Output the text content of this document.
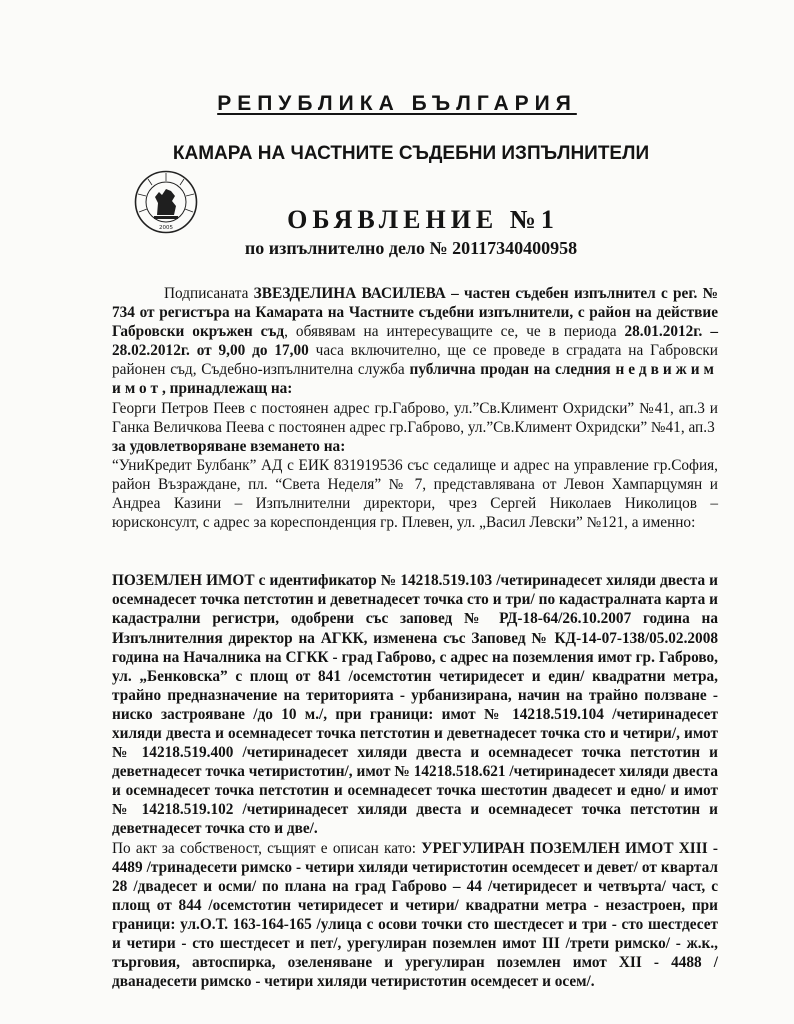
РЕПУБЛИКА БЪЛГАРИЯ
2005
КАМАРА НА ЧАСТНИТЕ СЪДЕБНИ ИЗПЪЛНИТЕЛИ
ОБЯВЛЕНИЕ №1
по изпълнително дело № 20117340400958

Подписаната ЗВЕЗДЕЛИНА ВАСИЛЕВА – частен съдебен изпълнител с рег. № 734 от регистъра на Камарата на Частните съдебни изпълнители, с район на действие Габровски окръжен съд, обявявам на интересуващите се, че в периода 28.01.2012г. – 28.02.2012г. от 9,00 до 17,00 часа включително, ще се проведе в сградата на Габровски районен съд, Съдебно-изпълнителна служба публична продан на следния недвижим имот, принадлежащ на:

Георги Петров Пеев с постоянен адрес гр.Габрово, ул.”Св.Климент Охридски” №41, ап.3 и Ганка Величкова Пеева с постоянен адрес гр.Габрово, ул.”Св.Климент Охридски” №41, ап.3

за удовлетворяване вземането на:

“УниКредит Булбанк” АД с ЕИК 831919536 със седалище и адрес на управление гр.София, район Възраждане, пл. “Света Неделя” № 7, представлявана от Левон Хампарцумян и Андреа Казини – Изпълнителни директори, чрез Сергей Николаев Николицов – юрисконсулт, с адрес за кореспонденция гр. Плевен, ул. „Васил Левски” №121, а именно:

ПОЗЕМЛЕН ИМОТ с идентификатор № 14218.519.103 /четиринадесет хиляди двеста и осемнадесет точка петстотин и деветнадесет точка сто и три/ по кадастралната карта и кадастрални регистри, одобрени със заповед № РД-18-64/26.10.2007 година на Изпълнителния директор на АГКК, изменена със Заповед № КД-14-07-138/05.02.2008 година на Началника на СГКК - град Габрово, с адрес на поземления имот гр. Габрово, ул. „Бенковска” с площ от 841 /осемстотин четиридесет и един/ квадратни метра, трайно предназначение на територията - урбанизирана, начин на трайно ползване - ниско застрояване /до 10 м./, при граници: имот № 14218.519.104 /четиринадесет хиляди двеста и осемнадесет точка петстотин и деветнадесет точка сто и четири/, имот № 14218.519.400 /четиринадесет хиляди двеста и осемнадесет точка петстотин и деветнадесет точка четиристотин/, имот № 14218.518.621 /четиринадесет хиляди двеста и осемнадесет точка петстотин и осемнадесет точка шестотин двадесет и едно/ и имот № 14218.519.102 /четиринадесет хиляди двеста и осемнадесет точка петстотин и деветнадесет точка сто и две/.

По акт за собственост, същият е описан като: УРЕГУЛИРАН ПОЗЕМЛЕН ИМОТ XIII - 4489 /тринадесети римско - четири хиляди четиристотин осемдесет и девет/ от квартал 28 /двадесет и осми/ по плана на град Габрово – 44 /четиридесет и четвърта/ част, с площ от 844 /осемстотин четиридесет и четири/ квадратни метра - незастроен, при граници: ул.О.Т. 163-164-165 /улица с осови точки сто шестдесет и три - сто шестдесет и четири - сто шестдесет и пет/, урегулиран поземлен имот III /трети римско/ - ж.к., търговия, автоспирка, озеленяване и урегулиран поземлен имот XII - 4488 /дванадесети римско - четири хиляди четиристотин осемдесет и осем/.
